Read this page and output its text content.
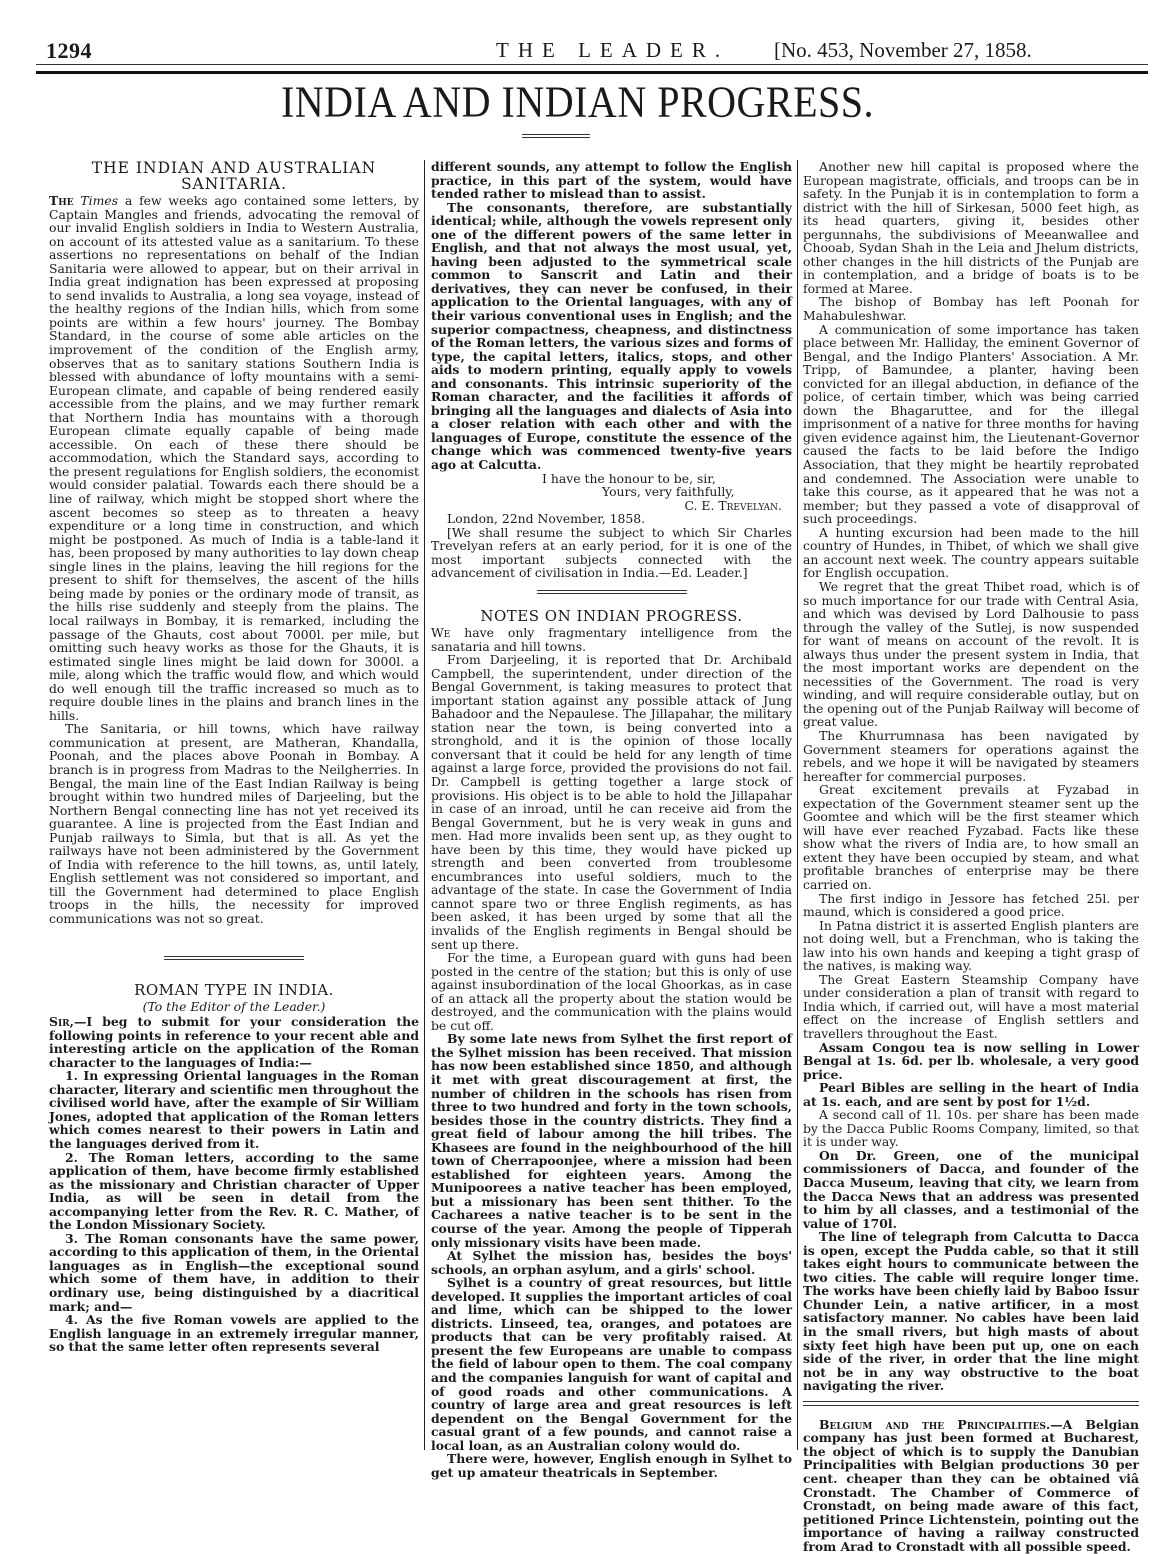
1294	THE LEADER. [No. 453, November 27, 1858.
INDIA AND INDIAN PROGRESS.
THE INDIAN AND AUSTRALIAN
SANITARIA.

The Times a few weeks ago contained some letters, by Captain Mangles and friends, advocating the removal of our invalid English soldiers in India to Western Australia, on account of its attested value as a sanitarium. To these assertions no representations on behalf of the Indian Sanitaria were allowed to appear, but on their arrival in India great indignation has been expressed at proposing to send invalids to Australia, a long sea voyage, instead of the healthy regions of the Indian hills, which from some points are within a few hours' journey. The Bombay Standard, in the course of some able articles on the improvement of the condition of the English army, observes that as to sanitary stations Southern India is blessed with abundance of lofty mountains with a semi-European climate, and capable of being rendered easily accessible from the plains, and we may further remark that Northern India has mountains with a thorough European climate equally capable of being made accessible. On each of these there should be accommodation, which the Standard says, according to the present regulations for English soldiers, the economist would consider palatial. Towards each there should be a line of railway, which might be stopped short where the ascent becomes so steep as to threaten a heavy expenditure or a long time in construction, and which might be postponed. As much of India is a table-land it has, been proposed by many authorities to lay down cheap single lines in the plains, leaving the hill regions for the present to shift for themselves, the ascent of the hills being made by ponies or the ordinary mode of transit, as the hills rise suddenly and steeply from the plains. The local railways in Bombay, it is remarked, including the passage of the Ghauts, cost about 7000l. per mile, but omitting such heavy works as those for the Ghauts, it is estimated single lines might be laid down for 3000l. a mile, along which the traffic would flow, and which would do well enough till the traffic increased so much as to require double lines in the plains and branch lines in the hills.

The Sanitaria, or hill towns, which have railway communication at present, are Matheran, Khandalla, Poonah, and the places above Poonah in Bombay. A branch is in progress from Madras to the Neilgherries. In Bengal, the main line of the East Indian Railway is being brought within two hundred miles of Darjeeling, but the Northern Bengal connecting line has not yet received its guarantee. A line is projected from the East Indian and Punjab railways to Simla, but that is all. As yet the railways have not been administered by the Government of India with reference to the hill towns, as, until lately, English settlement was not considered so important, and till the Government had determined to place English troops in the hills, the necessity for improved communications was not so great.

ROMAN TYPE IN INDIA.
(To the Editor of the Leader.)

Sir,—I beg to submit for your consideration the following points in reference to your recent able and interesting article on the application of the Roman character to the languages of India:—

1. In expressing Oriental languages in the Roman character, literary and scientific men throughout the civilised world have, after the example of Sir William Jones, adopted that application of the Roman letters which comes nearest to their powers in Latin and the languages derived from it.

2. The Roman letters, according to the same application of them, have become firmly established as the missionary and Christian character of Upper India, as will be seen in detail from the accompanying letter from the Rev. R. C. Mather, of the London Missionary Society.

3. The Roman consonants have the same power, according to this application of them, in the Oriental languages as in English—the exceptional sound which some of them have, in addition to their ordinary use, being distinguished by a diacritical mark; and—

4. As the five Roman vowels are applied to the English language in an extremely irregular manner, so that the same letter often represents several

different sounds, any attempt to follow the English practice, in this part of the system, would have tended rather to mislead than to assist.

The consonants, therefore, are substantially identical; while, although the vowels represent only one of the different powers of the same letter in English, and that not always the most usual, yet, having been adjusted to the symmetrical scale common to Sanscrit and Latin and their derivatives, they can never be confused, in their application to the Oriental languages, with any of their various conventional uses in English; and the superior compactness, cheapness, and distinctness of the Roman letters, the various sizes and forms of type, the capital letters, italics, stops, and other aids to modern printing, equally apply to vowels and consonants. This intrinsic superiority of the Roman character, and the facilities it affords of bringing all the languages and dialects of Asia into a closer relation with each other and with the languages of Europe, constitute the essence of the change which was commenced twenty-five years ago at Calcutta.

I have the honour to be, sir,

Yours, very faithfully,

C. E. Trevelyan.

London, 22nd November, 1858.

[We shall resume the subject to which Sir Charles Trevelyan refers at an early period, for it is one of the most important subjects connected with the advancement of civilisation in India.—Ed. Leader.]

NOTES ON INDIAN PROGRESS.

We have only fragmentary intelligence from the sanataria and hill towns.

From Darjeeling, it is reported that Dr. Archibald Campbell, the superintendent, under direction of the Bengal Government, is taking measures to protect that important station against any possible attack of Jung Bahadoor and the Nepaulese. The Jillapahar, the military station near the town, is being converted into a stronghold, and it is the opinion of those locally conversant that it could be held for any length of time against a large force, provided the provisions do not fail. Dr. Campbell is getting together a large stock of provisions. His object is to be able to hold the Jillapahar in case of an inroad, until he can receive aid from the Bengal Government, but he is very weak in guns and men. Had more invalids been sent up, as they ought to have been by this time, they would have picked up strength and been converted from troublesome encumbrances into useful soldiers, much to the advantage of the state. In case the Government of India cannot spare two or three English regiments, as has been asked, it has been urged by some that all the invalids of the English regiments in Bengal should be sent up there.

For the time, a European guard with guns had been posted in the centre of the station; but this is only of use against insubordination of the local Ghoorkas, as in case of an attack all the property about the station would be destroyed, and the communication with the plains would be cut off.

By some late news from Sylhet the first report of the Sylhet mission has been received. That mission has now been established since 1850, and although it met with great discouragement at first, the number of children in the schools has risen from three to two hundred and forty in the town schools, besides those in the country districts. They find a great field of labour among the hill tribes. The Khasees are found in the neighbourhood of the hill town of Cherrapoonjee, where a mission had been established for eighteen years. Among the Munipoorees a native teacher has been employed, but a missionary has been sent thither. To the Cacharees a native teacher is to be sent in the course of the year. Among the people of Tipperah only missionary visits have been made.

At Sylhet the mission has, besides the boys' schools, an orphan asylum, and a girls' school.

Sylhet is a country of great resources, but little developed. It supplies the important articles of coal and lime, which can be shipped to the lower districts. Linseed, tea, oranges, and potatoes are products that can be very profitably raised. At present the few Europeans are unable to compass the field of labour open to them. The coal company and the companies languish for want of capital and of good roads and other communications. A country of large area and great resources is left dependent on the Bengal Government for the casual grant of a few pounds, and cannot raise a local loan, as an Australian colony would do.

There were, however, English enough in Sylhet to get up amateur theatricals in September.

Another new hill capital is proposed where the European magistrate, officials, and troops can be in safety. In the Punjab it is in contemplation to form a district with the hill of Sirkesan, 5000 feet high, as its head quarters, giving it, besides other pergunnahs, the subdivisions of Meeanwallee and Chooab, Sydan Shah in the Leia and Jhelum districts, other changes in the hill districts of the Punjab are in contemplation, and a bridge of boats is to be formed at Maree.

The bishop of Bombay has left Poonah for Mahabuleshwar.

A communication of some importance has taken place between Mr. Halliday, the eminent Governor of Bengal, and the Indigo Planters' Association. A Mr. Tripp, of Bamundee, a planter, having been convicted for an illegal abduction, in defiance of the police, of certain timber, which was being carried down the Bhagaruttee, and for the illegal imprisonment of a native for three months for having given evidence against him, the Lieutenant-Governor caused the facts to be laid before the Indigo Association, that they might be heartily reprobated and condemned. The Association were unable to take this course, as it appeared that he was not a member; but they passed a vote of disapproval of such proceedings.

A hunting excursion had been made to the hill country of Hundes, in Thibet, of which we shall give an account next week. The country appears suitable for English occupation.

We regret that the great Thibet road, which is of so much importance for our trade with Central Asia, and which was devised by Lord Dalhousie to pass through the valley of the Sutlej, is now suspended for want of means on account of the revolt. It is always thus under the present system in India, that the most important works are dependent on the necessities of the Government. The road is very winding, and will require considerable outlay, but on the opening out of the Punjab Railway will become of great value.

The Khurrumnasa has been navigated by Government steamers for operations against the rebels, and we hope it will be navigated by steamers hereafter for commercial purposes.

Great excitement prevails at Fyzabad in expectation of the Government steamer sent up the Goomtee and which will be the first steamer which will have ever reached Fyzabad. Facts like these show what the rivers of India are, to how small an extent they have been occupied by steam, and what profitable branches of enterprise may be there carried on.

The first indigo in Jessore has fetched 25l. per maund, which is considered a good price.

In Patna district it is asserted English planters are not doing well, but a Frenchman, who is taking the law into his own hands and keeping a tight grasp of the natives, is making way.

The Great Eastern Steamship Company have under consideration a plan of transit with regard to India which, if carried out, will have a most material effect on the increase of English settlers and travellers throughout the East.

Assam Congou tea is now selling in Lower Bengal at 1s. 6d. per lb. wholesale, a very good price.

Pearl Bibles are selling in the heart of India at 1s. each, and are sent by post for 1½d.

A second call of 1l. 10s. per share has been made by the Dacca Public Rooms Company, limited, so that it is under way.

On Dr. Green, one of the municipal commissioners of Dacca, and founder of the Dacca Museum, leaving that city, we learn from the Dacca News that an address was presented to him by all classes, and a testimonial of the value of 170l.

The line of telegraph from Calcutta to Dacca is open, except the Pudda cable, so that it still takes eight hours to communicate between the two cities. The cable will require longer time. The works have been chiefly laid by Baboo Issur Chunder Lein, a native artificer, in a most satisfactory manner. No cables have been laid in the small rivers, but high masts of about sixty feet high have been put up, one on each side of the river, in order that the line might not be in any way obstructive to the boat navigating the river.

Belgium and the Principalities.—A Belgian company has just been formed at Bucharest, the object of which is to supply the Danubian Principalities with Belgian productions 30 per cent. cheaper than they can be obtained viâ Cronstadt. The Chamber of Commerce of Cronstadt, on being made aware of this fact, petitioned Prince Lichtenstein, pointing out the importance of having a railway constructed from Arad to Cronstadt with all possible speed.
